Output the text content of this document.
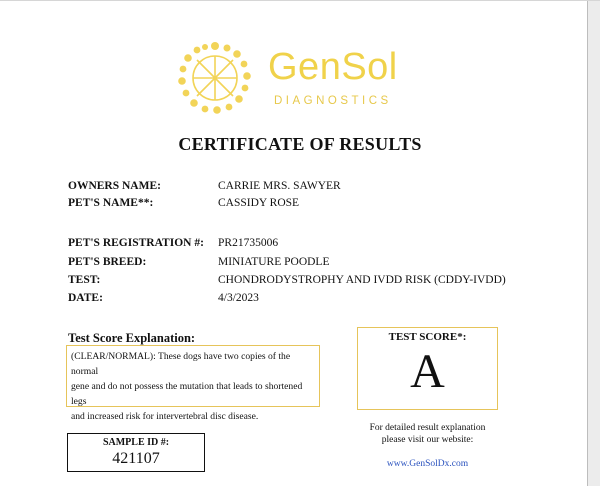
GenSol
DIAGNOSTICS
CERTIFICATE OF RESULTS
OWNERS NAME:	CARRIE MRS. SAWYER
PET'S NAME**:	CASSIDY ROSE
PET'S REGISTRATION #: PR21735006
PET'S BREED:	MINIATURE POODLE
TEST:	CHONDRODYSTROPHY AND IVDD RISK (CDDY-IVDD)
DATE:	4/3/2023
Test Score Explanation:
(CLEAR/NORMAL): These dogs have two copies of the normal
gene and do not possess the mutation that leads to shortened legs
and increased risk for intervertebral disc disease.
TEST SCORE*:
A
SAMPLE ID #:
421107
For detailed result explanation
please visit our website:
www.GenSolDx.com
